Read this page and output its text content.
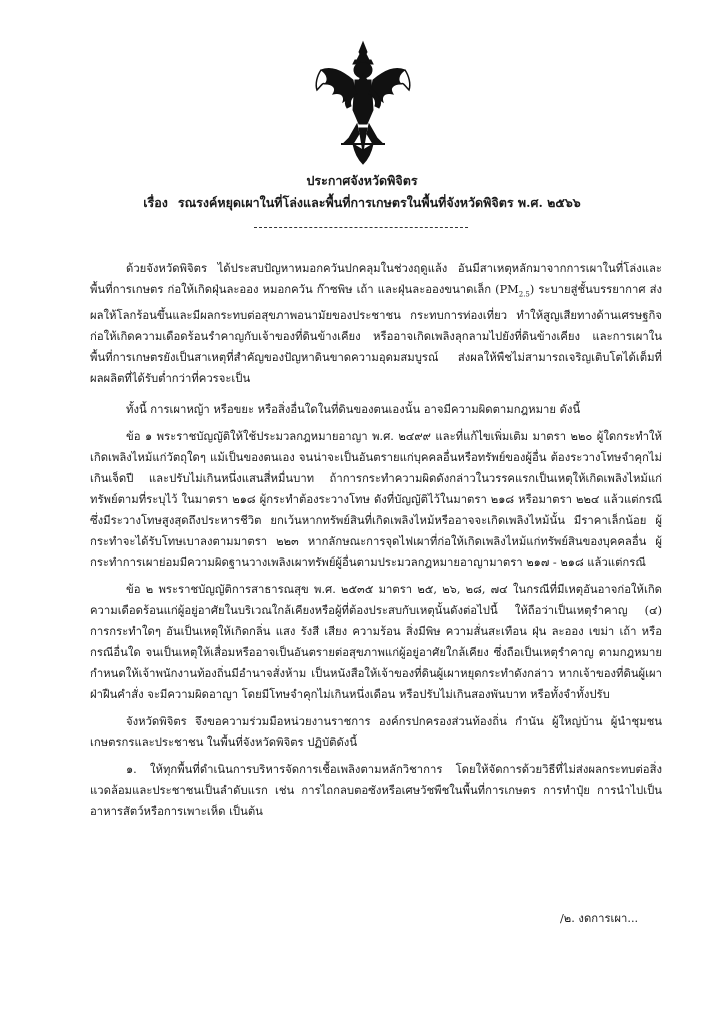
ประกาศจังหวัดพิจิตร
เรื่อง รณรงค์หยุดเผาในที่โล่งและพื้นที่การเกษตรในพื้นที่จังหวัดพิจิตร พ.ศ. ๒๕๖๖

ด้วยจังหวัดพิจิตร ได้ประสบปัญหาหมอกควันปกคลุมในช่วงฤดูแล้ง อันมีสาเหตุหลักมาจากการเผาในที่โล่งและพื้นที่การเกษตร ก่อให้เกิดฝุ่นละออง หมอกควัน ก๊าซพิษ เถ้า และฝุ่นละอองขนาดเล็ก $(PM_{2.5})$ ระบายสู่ชั้นบรรยากาศ ส่งผลให้โลกร้อนขึ้นและมีผลกระทบต่อสุขภาพอนามัยของประชาชน กระทบการท่องเที่ยว ทำให้สูญเสียทางด้านเศรษฐกิจ ก่อให้เกิดความเดือดร้อนรำคาญกับเจ้าของที่ดินข้างเคียง หรืออาจเกิดเพลิงลุกลามไปยังที่ดินข้างเคียง และการเผาในพื้นที่การเกษตรยังเป็นสาเหตุที่สำคัญของปัญหาดินขาดความอุดมสมบูรณ์ ส่งผลให้พืชไม่สามารถเจริญเติบโตได้เต็มที่ ผลผลิตที่ได้รับต่ำกว่าที่ควรจะเป็น

ทั้งนี้ การเผาหญ้า หรือขยะ หรือสิ่งอื่นใดในที่ดินของตนเองนั้น อาจมีความผิดตามกฎหมาย ดังนี้

ข้อ ๑ พระราชบัญญัติให้ใช้ประมวลกฎหมายอาญา พ.ศ. ๒๔๙๙ และที่แก้ไขเพิ่มเติม มาตรา ๒๒๐ ผู้ใดกระทำให้เกิดเพลิงไหม้แก่วัตถุใดๆ แม้เป็นของตนเอง จนน่าจะเป็นอันตรายแก่บุคคลอื่นหรือทรัพย์ของผู้อื่น ต้องระวางโทษจำคุกไม่เกินเจ็ดปี และปรับไม่เกินหนึ่งแสนสี่หมื่นบาท ถ้าการกระทำความผิดดังกล่าวในวรรคแรกเป็นเหตุให้เกิดเพลิงไหม้แก่ทรัพย์ตามที่ระบุไว้ ในมาตรา ๒๑๘ ผู้กระทำต้องระวางโทษ ดังที่บัญญัติไว้ในมาตรา ๒๑๘ หรือมาตรา ๒๒๔ แล้วแต่กรณี ซึ่งมีระวางโทษสูงสุดถึงประหารชีวิต ยกเว้นหากทรัพย์สินที่เกิดเพลิงไหม้หรืออาจจะเกิดเพลิงไหม้นั้น มีราคาเล็กน้อย ผู้กระทำจะได้รับโทษเบาลงตามมาตรา ๒๒๓ หากลักษณะการจุดไฟเผาที่ก่อให้เกิดเพลิงไหม้แก่ทรัพย์สินของบุคคลอื่น ผู้กระทำการเผาย่อมมีความผิดฐานวางเพลิงเผาทรัพย์ผู้อื่นตามประมวลกฎหมายอาญามาตรา ๒๑๗ - ๒๑๘ แล้วแต่กรณี

ข้อ ๒ พระราชบัญญัติการสาธารณสุข พ.ศ. ๒๕๓๕ มาตรา ๒๕, ๒๖, ๒๘, ๗๔ ในกรณีที่มีเหตุอันอาจก่อให้เกิดความเดือดร้อนแก่ผู้อยู่อาศัยในบริเวณใกล้เคียงหรือผู้ที่ต้องประสบกับเหตุนั้นดังต่อไปนี้ ให้ถือว่าเป็นเหตุรำคาญ (๔) การกระทำใดๆ อันเป็นเหตุให้เกิดกลิ่น แสง รังสี เสียง ความร้อน สิ่งมีพิษ ความสั่นสะเทือน ฝุ่น ละออง เขม่า เถ้า หรือกรณีอื่นใด จนเป็นเหตุให้เสื่อมหรืออาจเป็นอันตรายต่อสุขภาพแก่ผู้อยู่อาศัยใกล้เคียง ซึ่งถือเป็นเหตุรำคาญ ตามกฎหมายกำหนดให้เจ้าพนักงานท้องถิ่นมีอำนาจสั่งห้าม เป็นหนังสือให้เจ้าของที่ดินผู้เผาหยุดกระทำดังกล่าว หากเจ้าของที่ดินผู้เผาฝ่าฝืนคำสั่ง จะมีความผิดอาญา โดยมีโทษจำคุกไม่เกินหนึ่งเดือน หรือปรับไม่เกินสองพันบาท หรือทั้งจำทั้งปรับ

จังหวัดพิจิตร จึงขอความร่วมมือหน่วยงานราชการ องค์กรปกครองส่วนท้องถิ่น กำนัน ผู้ใหญ่บ้าน ผู้นำชุมชน เกษตรกรและประชาชน ในพื้นที่จังหวัดพิจิตร ปฏิบัติดังนี้

๑. ให้ทุกพื้นที่ดำเนินการบริหารจัดการเชื้อเพลิงตามหลักวิชาการ โดยให้จัดการด้วยวิธีที่ไม่ส่งผลกระทบต่อสิ่งแวดล้อมและประชาชนเป็นลำดับแรก เช่น การไถกลบตอซังหรือเศษวัชพืชในพื้นที่การเกษตร การทำปุ๋ย การนำไปเป็นอาหารสัตว์หรือการเพาะเห็ด เป็นต้น

/๒. งดการเผา...
